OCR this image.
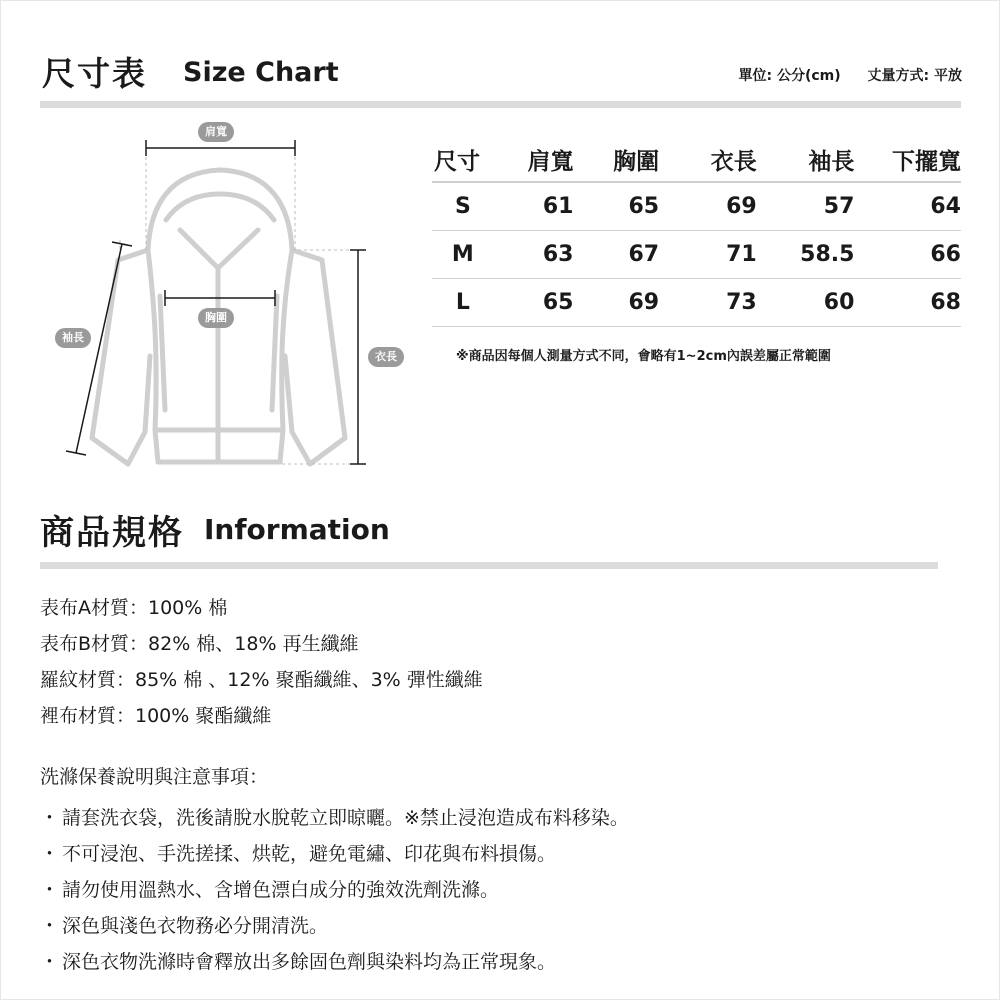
尺寸表 Size Chart	單位: 公分(cm) 丈量方式: 平放
肩寬
胸圍
袖長
衣長
尺寸	肩寬	胸圍	衣長	袖長	下擺寬
S	61	65	69	57	64
M	63	67	71	58.5	66
L	65	69	73	60	68
※商品因每個人測量方式不同，會略有1~2cm內誤差屬正常範圍
商品規格 Information
表布A材質：100% 棉
表布B材質：82% 棉、18% 再生纖維
羅紋材質：85% 棉 、12% 聚酯纖維、3% 彈性纖維
裡布材質：100% 聚酯纖維
洗滌保養說明與注意事項：
・ 請套洗衣袋，洗後請脫水脫乾立即晾曬。※禁止浸泡造成布料移染。
・ 不可浸泡、手洗搓揉、烘乾，避免電繡、印花與布料損傷。
・ 請勿使用溫熱水、含增色漂白成分的強效洗劑洗滌。
・ 深色與淺色衣物務必分開清洗。
・ 深色衣物洗滌時會釋放出多餘固色劑與染料均為正常現象。
